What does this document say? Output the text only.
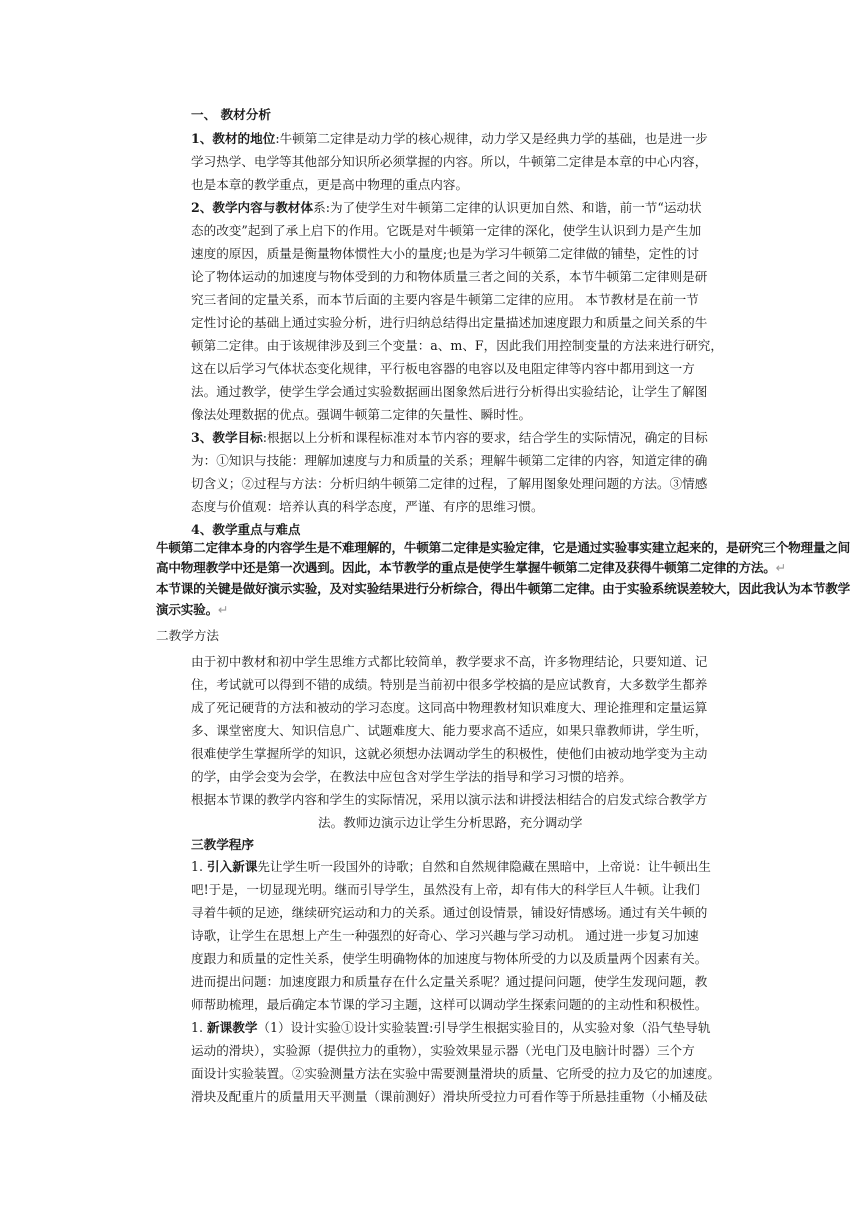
一、 教材分析
1、教材的地位:牛顿第二定律是动力学的核心规律，动力学又是经典力学的基础，也是进一步
学习热学、电学等其他部分知识所必须掌握的内容。所以，牛顿第二定律是本章的中心内容，
也是本章的教学重点，更是高中物理的重点内容。
2、教学内容与教材体系:为了使学生对牛顿第二定律的认识更加自然、和谐，前一节“运动状
态的改变”起到了承上启下的作用。它既是对牛顿第一定律的深化，使学生认识到力是产生加
速度的原因，质量是衡量物体惯性大小的量度;也是为学习牛顿第二定律做的铺垫，定性的讨
论了物体运动的加速度与物体受到的力和物体质量三者之间的关系，本节牛顿第二定律则是研
究三者间的定量关系，而本节后面的主要内容是牛顿第二定律的应用。 本节教材是在前一节
定性讨论的基础上通过实验分析，进行归纳总结得出定量描述加速度跟力和质量之间关系的牛
顿第二定律。由于该规律涉及到三个变量：a、m、F，因此我们用控制变量的方法来进行研究，
这在以后学习气体状态变化规律，平行板电容器的电容以及电阻定律等内容中都用到这一方
法。通过教学，使学生学会通过实验数据画出图象然后进行分析得出实验结论，让学生了解图
像法处理数据的优点。强调牛顿第二定律的矢量性、瞬时性。
3、教学目标:根据以上分析和课程标准对本节内容的要求，结合学生的实际情况，确定的目标
为：①知识与技能：理解加速度与力和质量的关系；理解牛顿第二定律的内容，知道定律的确
切含义；②过程与方法：分析归纳牛顿第二定律的过程，了解用图象处理问题的方法。③情感
态度与价值观：培养认真的科学态度，严谨、有序的思维习惯。
4、教学重点与难点
牛顿第二定律本身的内容学生是不难理解的，牛顿第二定律是实验定律，它是通过实验事实建立起来的，是研究三个物理量之间
高中物理教学中还是第一次遇到。因此，本节教学的重点是使学生掌握牛顿第二定律及获得牛顿第二定律的方法。↵
本节课的关键是做好演示实验，及对实验结果进行分析综合，得出牛顿第二定律。由于实验系统误差较大，因此我认为本节教学
演示实验。↵
二教学方法
由于初中教材和初中学生思维方式都比较简单，教学要求不高，许多物理结论，只要知道、记
住，考试就可以得到不错的成绩。特别是当前初中很多学校搞的是应试教育，大多数学生都养
成了死记硬背的方法和被动的学习态度。这同高中物理教材知识难度大、理论推理和定量运算
多、课堂密度大、知识信息广、试题难度大、能力要求高不适应，如果只靠教师讲，学生听，
很难使学生掌握所学的知识，这就必须想办法调动学生的积极性，使他们由被动地学变为主动
的学，由学会变为会学，在教法中应包含对学生学法的指导和学习习惯的培养。
根据本节课的教学内容和学生的实际情况，采用以演示法和讲授法相结合的启发式综合教学方
法。教师边演示边让学生分析思路，充分调动学
三教学程序
1. 引入新课先让学生听一段国外的诗歌；自然和自然规律隐藏在黑暗中，上帝说：让牛顿出生
吧!于是，一切显现光明。继而引导学生，虽然没有上帝，却有伟大的科学巨人牛顿。让我们
寻着牛顿的足迹，继续研究运动和力的关系。通过创设情景，铺设好情感场。通过有关牛顿的
诗歌，让学生在思想上产生一种强烈的好奇心、学习兴趣与学习动机。 通过进一步复习加速
度跟力和质量的定性关系，使学生明确物体的加速度与物体所受的力以及质量两个因素有关。
进而提出问题：加速度跟力和质量存在什么定量关系呢？通过提问问题，使学生发现问题，教
师帮助梳理，最后确定本节课的学习主题，这样可以调动学生探索问题的的主动性和积极性。
1. 新课教学（1）设计实验①设计实验装置:引导学生根据实验目的，从实验对象（沿气垫导轨
运动的滑块），实验源（提供拉力的重物），实验效果显示器（光电门及电脑计时器）三个方
面设计实验装置。②实验测量方法在实验中需要测量滑块的质量、它所受的拉力及它的加速度。
滑块及配重片的质量用天平测量（课前测好）滑块所受拉力可看作等于所悬挂重物（小桶及砝
